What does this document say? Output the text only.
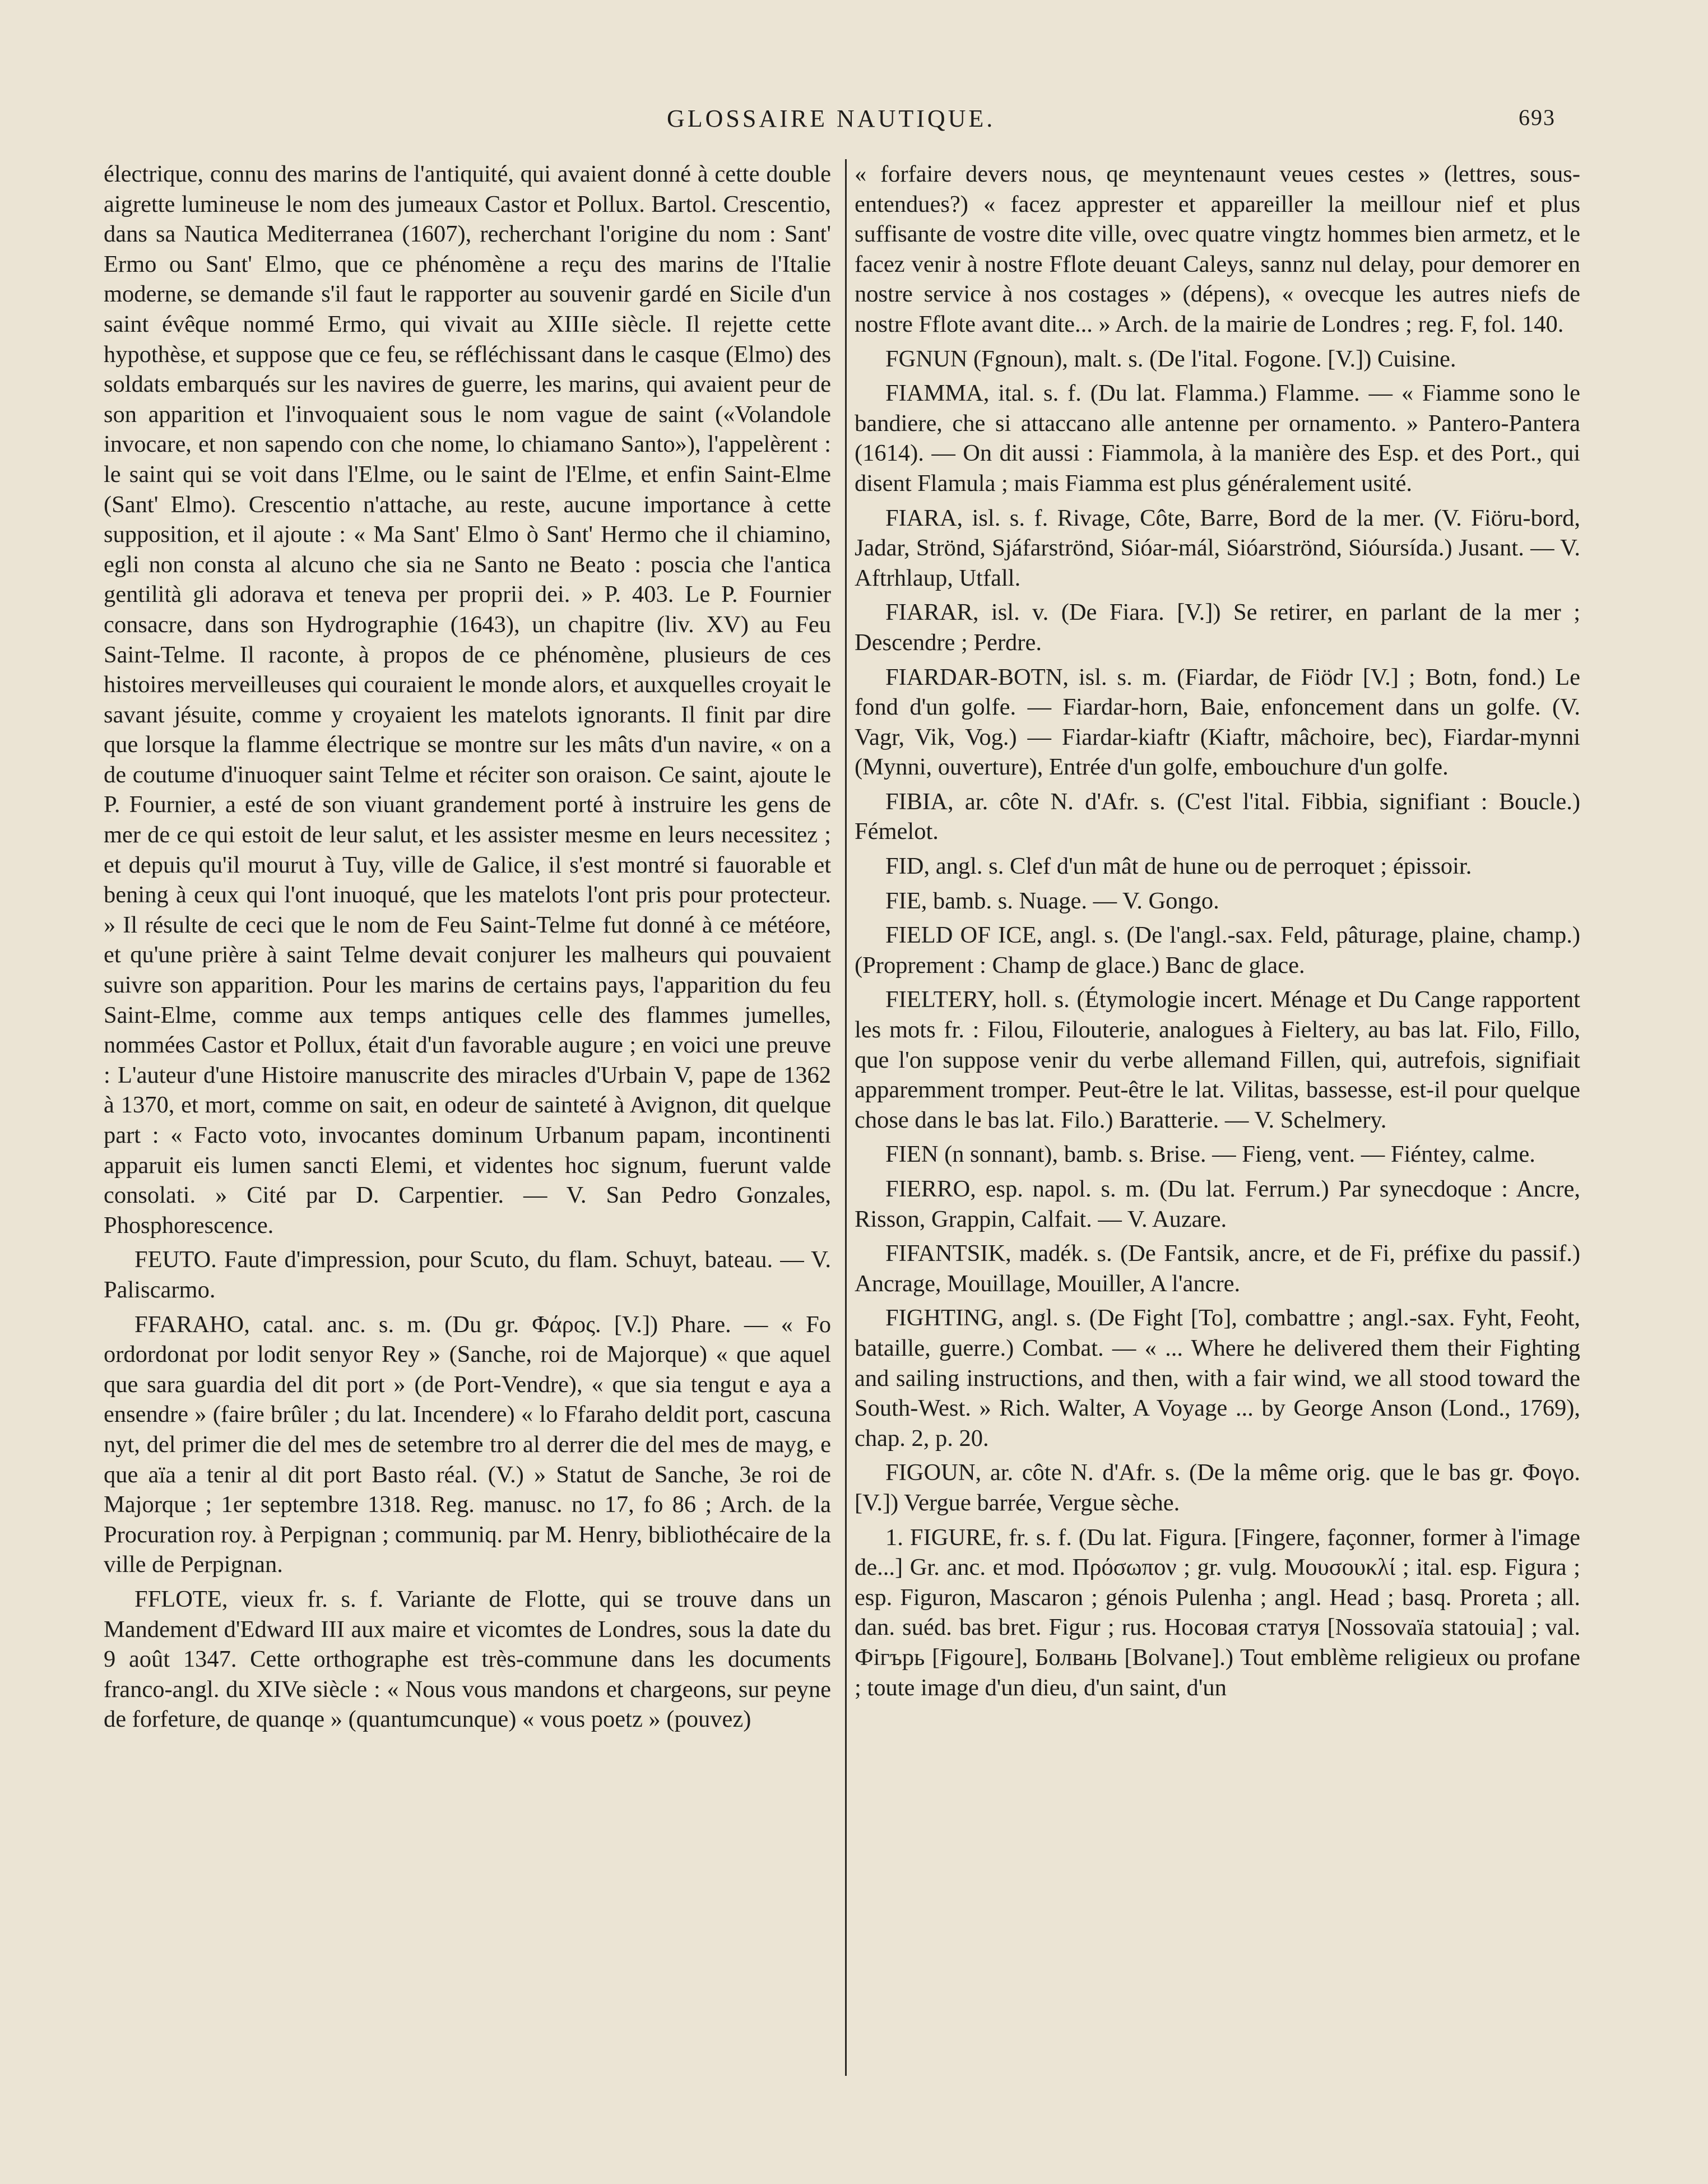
GLOSSAIRE NAUTIQUE.	693

électrique, connu des marins de l'antiquité, qui avaient donné à cette double aigrette lumineuse le nom des jumeaux Castor et Pollux. Bartol. Crescentio, dans sa Nautica Mediterranea (1607), recherchant l'origine du nom : Sant' Ermo ou Sant' Elmo, que ce phénomène a reçu des marins de l'Italie moderne, se demande s'il faut le rapporter au souvenir gardé en Sicile d'un saint évêque nommé Ermo, qui vivait au XIIIe siècle. Il rejette cette hypothèse, et suppose que ce feu, se réfléchissant dans le casque (Elmo) des soldats embarqués sur les navires de guerre, les marins, qui avaient peur de son apparition et l'invoquaient sous le nom vague de saint («Volandole invocare, et non sapendo con che nome, lo chiamano Santo»), l'appelèrent : le saint qui se voit dans l'Elme, ou le saint de l'Elme, et enfin Saint-Elme (Sant' Elmo). Crescentio n'attache, au reste, aucune importance à cette supposition, et il ajoute : « Ma Sant' Elmo ò Sant' Hermo che il chiamino, egli non consta al alcuno che sia ne Santo ne Beato : poscia che l'antica gentilità gli adorava et teneva per proprii dei. » P. 403. Le P. Fournier consacre, dans son Hydrographie (1643), un chapitre (liv. XV) au Feu Saint-Telme. Il raconte, à propos de ce phénomène, plusieurs de ces histoires merveilleuses qui couraient le monde alors, et auxquelles croyait le savant jésuite, comme y croyaient les matelots ignorants. Il finit par dire que lorsque la flamme électrique se montre sur les mâts d'un navire, « on a de coutume d'inuoquer saint Telme et réciter son oraison. Ce saint, ajoute le P. Fournier, a esté de son viuant grandement porté à instruire les gens de mer de ce qui estoit de leur salut, et les assister mesme en leurs necessitez ; et depuis qu'il mourut à Tuy, ville de Galice, il s'est montré si fauorable et bening à ceux qui l'ont inuoqué, que les matelots l'ont pris pour protecteur. » Il résulte de ceci que le nom de Feu Saint-Telme fut donné à ce météore, et qu'une prière à saint Telme devait conjurer les malheurs qui pouvaient suivre son apparition. Pour les marins de certains pays, l'apparition du feu Saint-Elme, comme aux temps antiques celle des flammes jumelles, nommées Castor et Pollux, était d'un favorable augure ; en voici une preuve : L'auteur d'une Histoire manuscrite des miracles d'Urbain V, pape de 1362 à 1370, et mort, comme on sait, en odeur de sainteté à Avignon, dit quelque part : « Facto voto, invocantes dominum Urbanum papam, incontinenti apparuit eis lumen sancti Elemi, et videntes hoc signum, fuerunt valde consolati. » Cité par D. Carpentier. — V. San Pedro Gonzales, Phosphorescence.

FEUTO. Faute d'impression, pour Scuto, du flam. Schuyt, bateau. — V. Paliscarmo.

FFARAHO, catal. anc. s. m. (Du gr. Φάρος. [V.]) Phare. — « Fo ordordonat por lodit senyor Rey » (Sanche, roi de Majorque) « que aquel que sara guardia del dit port » (de Port-Vendre), « que sia tengut e aya a ensendre » (faire brûler ; du lat. Incendere) « lo Ffaraho deldit port, cascuna nyt, del primer die del mes de setembre tro al derrer die del mes de mayg, e que aïa a tenir al dit port Basto réal. (V.) » Statut de Sanche, 3e roi de Majorque ; 1er septembre 1318. Reg. manusc. no 17, fo 86 ; Arch. de la Procuration roy. à Perpignan ; communiq. par M. Henry, bibliothécaire de la ville de Perpignan.

FFLOTE, vieux fr. s. f. Variante de Flotte, qui se trouve dans un Mandement d'Edward III aux maire et vicomtes de Londres, sous la date du 9 août 1347. Cette orthographe est très-commune dans les documents franco-angl. du XIVe siècle : « Nous vous mandons et chargeons, sur peyne de forfeture, de quanqe » (quantumcunque) « vous poetz » (pouvez)

« forfaire devers nous, qe meyntenaunt veues cestes » (lettres, sous-entendues?) « facez apprester et appareiller la meillour nief et plus suffisante de vostre dite ville, ovec quatre vingtz hommes bien armetz, et le facez venir à nostre Fflote deuant Caleys, sannz nul delay, pour demorer en nostre service à nos costages » (dépens), « ovecque les autres niefs de nostre Fflote avant dite... » Arch. de la mairie de Londres ; reg. F, fol. 140.

FGNUN (Fgnoun), malt. s. (De l'ital. Fogone. [V.]) Cuisine.

FIAMMA, ital. s. f. (Du lat. Flamma.) Flamme. — « Fiamme sono le bandiere, che si attaccano alle antenne per ornamento. » Pantero-Pantera (1614). — On dit aussi : Fiammola, à la manière des Esp. et des Port., qui disent Flamula ; mais Fiamma est plus généralement usité.

FIARA, isl. s. f. Rivage, Côte, Barre, Bord de la mer. (V. Fiöru-bord, Jadar, Strönd, Sjáfarströnd, Sióar-mál, Sióarströnd, Sióursída.) Jusant. — V. Aftrhlaup, Utfall.

FIARAR, isl. v. (De Fiara. [V.]) Se retirer, en parlant de la mer ; Descendre ; Perdre.

FIARDAR-BOTN, isl. s. m. (Fiardar, de Fiödr [V.] ; Botn, fond.) Le fond d'un golfe. — Fiardar-horn, Baie, enfoncement dans un golfe. (V. Vagr, Vik, Vog.) — Fiardar-kiaftr (Kiaftr, mâchoire, bec), Fiardar-mynni (Mynni, ouverture), Entrée d'un golfe, embouchure d'un golfe.

FIBIA, ar. côte N. d'Afr. s. (C'est l'ital. Fibbia, signifiant : Boucle.) Fémelot.

FID, angl. s. Clef d'un mât de hune ou de perroquet ; épissoir.

FIE, bamb. s. Nuage. — V. Gongo.

FIELD OF ICE, angl. s. (De l'angl.-sax. Feld, pâturage, plaine, champ.) (Proprement : Champ de glace.) Banc de glace.

FIELTERY, holl. s. (Étymologie incert. Ménage et Du Cange rapportent les mots fr. : Filou, Filouterie, analogues à Fieltery, au bas lat. Filo, Fillo, que l'on suppose venir du verbe allemand Fillen, qui, autrefois, signifiait apparemment tromper. Peut-être le lat. Vilitas, bassesse, est-il pour quelque chose dans le bas lat. Filo.) Baratterie. — V. Schelmery.

FIEN (n sonnant), bamb. s. Brise. — Fieng, vent. — Fiéntey, calme.

FIERRO, esp. napol. s. m. (Du lat. Ferrum.) Par synecdoque : Ancre, Risson, Grappin, Calfait. — V. Auzare.

FIFANTSIK, madék. s. (De Fantsik, ancre, et de Fi, préfixe du passif.) Ancrage, Mouillage, Mouiller, A l'ancre.

FIGHTING, angl. s. (De Fight [To], combattre ; angl.-sax. Fyht, Feoht, bataille, guerre.) Combat. — « ... Where he delivered them their Fighting and sailing instructions, and then, with a fair wind, we all stood toward the South-West. » Rich. Walter, A Voyage ... by George Anson (Lond., 1769), chap. 2, p. 20.

FIGOUN, ar. côte N. d'Afr. s. (De la même orig. que le bas gr. Φογο. [V.]) Vergue barrée, Vergue sèche.

1. FIGURE, fr. s. f. (Du lat. Figura. [Fingere, façonner, former à l'image de...] Gr. anc. et mod. Πρόσωπον ; gr. vulg. Μουσουκλί ; ital. esp. Figura ; esp. Figuron, Mascaron ; génois Pulenha ; angl. Head ; basq. Proreta ; all. dan. suéd. bas bret. Figur ; rus. Носовая статуя [Nossovaïa statouia] ; val. Фігърь [Figoure], Болвань [Bolvane].) Tout emblème religieux ou profane ; toute image d'un dieu, d'un saint, d'un
